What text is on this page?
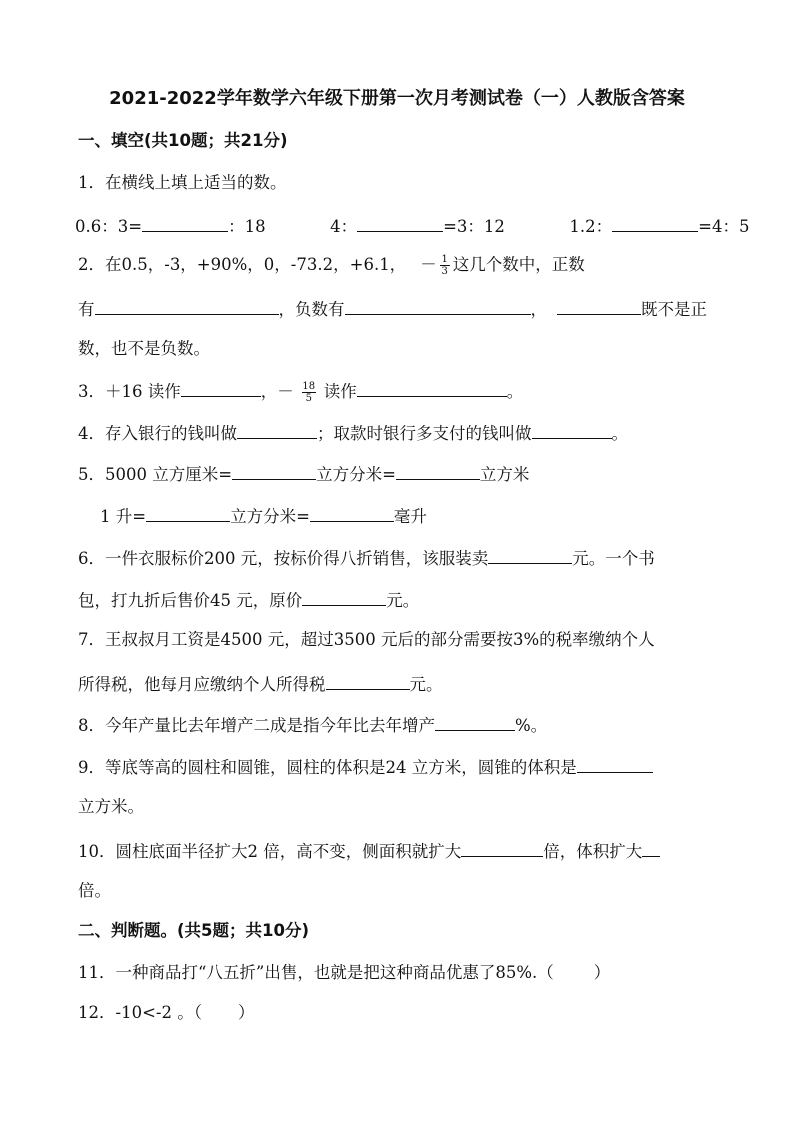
2021-2022学年数学六年级下册第一次月考测试卷（一）人教版含答案
一、填空(共10题；共21分)
1．在横线上填上适当的数。
0.6：3=	：18	4：	=3：12	1.2：	=4：5
2．在0.5，-3，+90%，0，-73.2，+6.1， － $\frac{1}{3}$ 这几个数中，正数
有	，负数有	，	既不是正
数，也不是负数。
3．＋16 读作	，－ $\frac{18}{5}$ 读作	。
4．存入银行的钱叫做	；取款时银行多支付的钱叫做	。
5．5000 立方厘米=	立方分米=	立方米
1 升=	立方分米=	毫升
6．一件衣服标价200 元，按标价得八折销售，该服装卖	元。一个书
包，打九折后售价45 元，原价	元。
7．王叔叔月工资是4500 元，超过3500 元后的部分需要按3%的税率缴纳个人
所得税，他每月应缴纳个人所得税	元。
8．今年产量比去年增产二成是指今年比去年增产	%。
9．等底等高的圆柱和圆锥，圆柱的体积是24 立方米，圆锥的体积是
立方米。
10．圆柱底面半径扩大2 倍，高不变，侧面积就扩大	倍，体积扩大
倍。
二、判断题。(共5题；共10分)
11．一种商品打“八五折”出售，也就是把这种商品优惠了85%.（ ）
12．-10<-2 。（ ）
